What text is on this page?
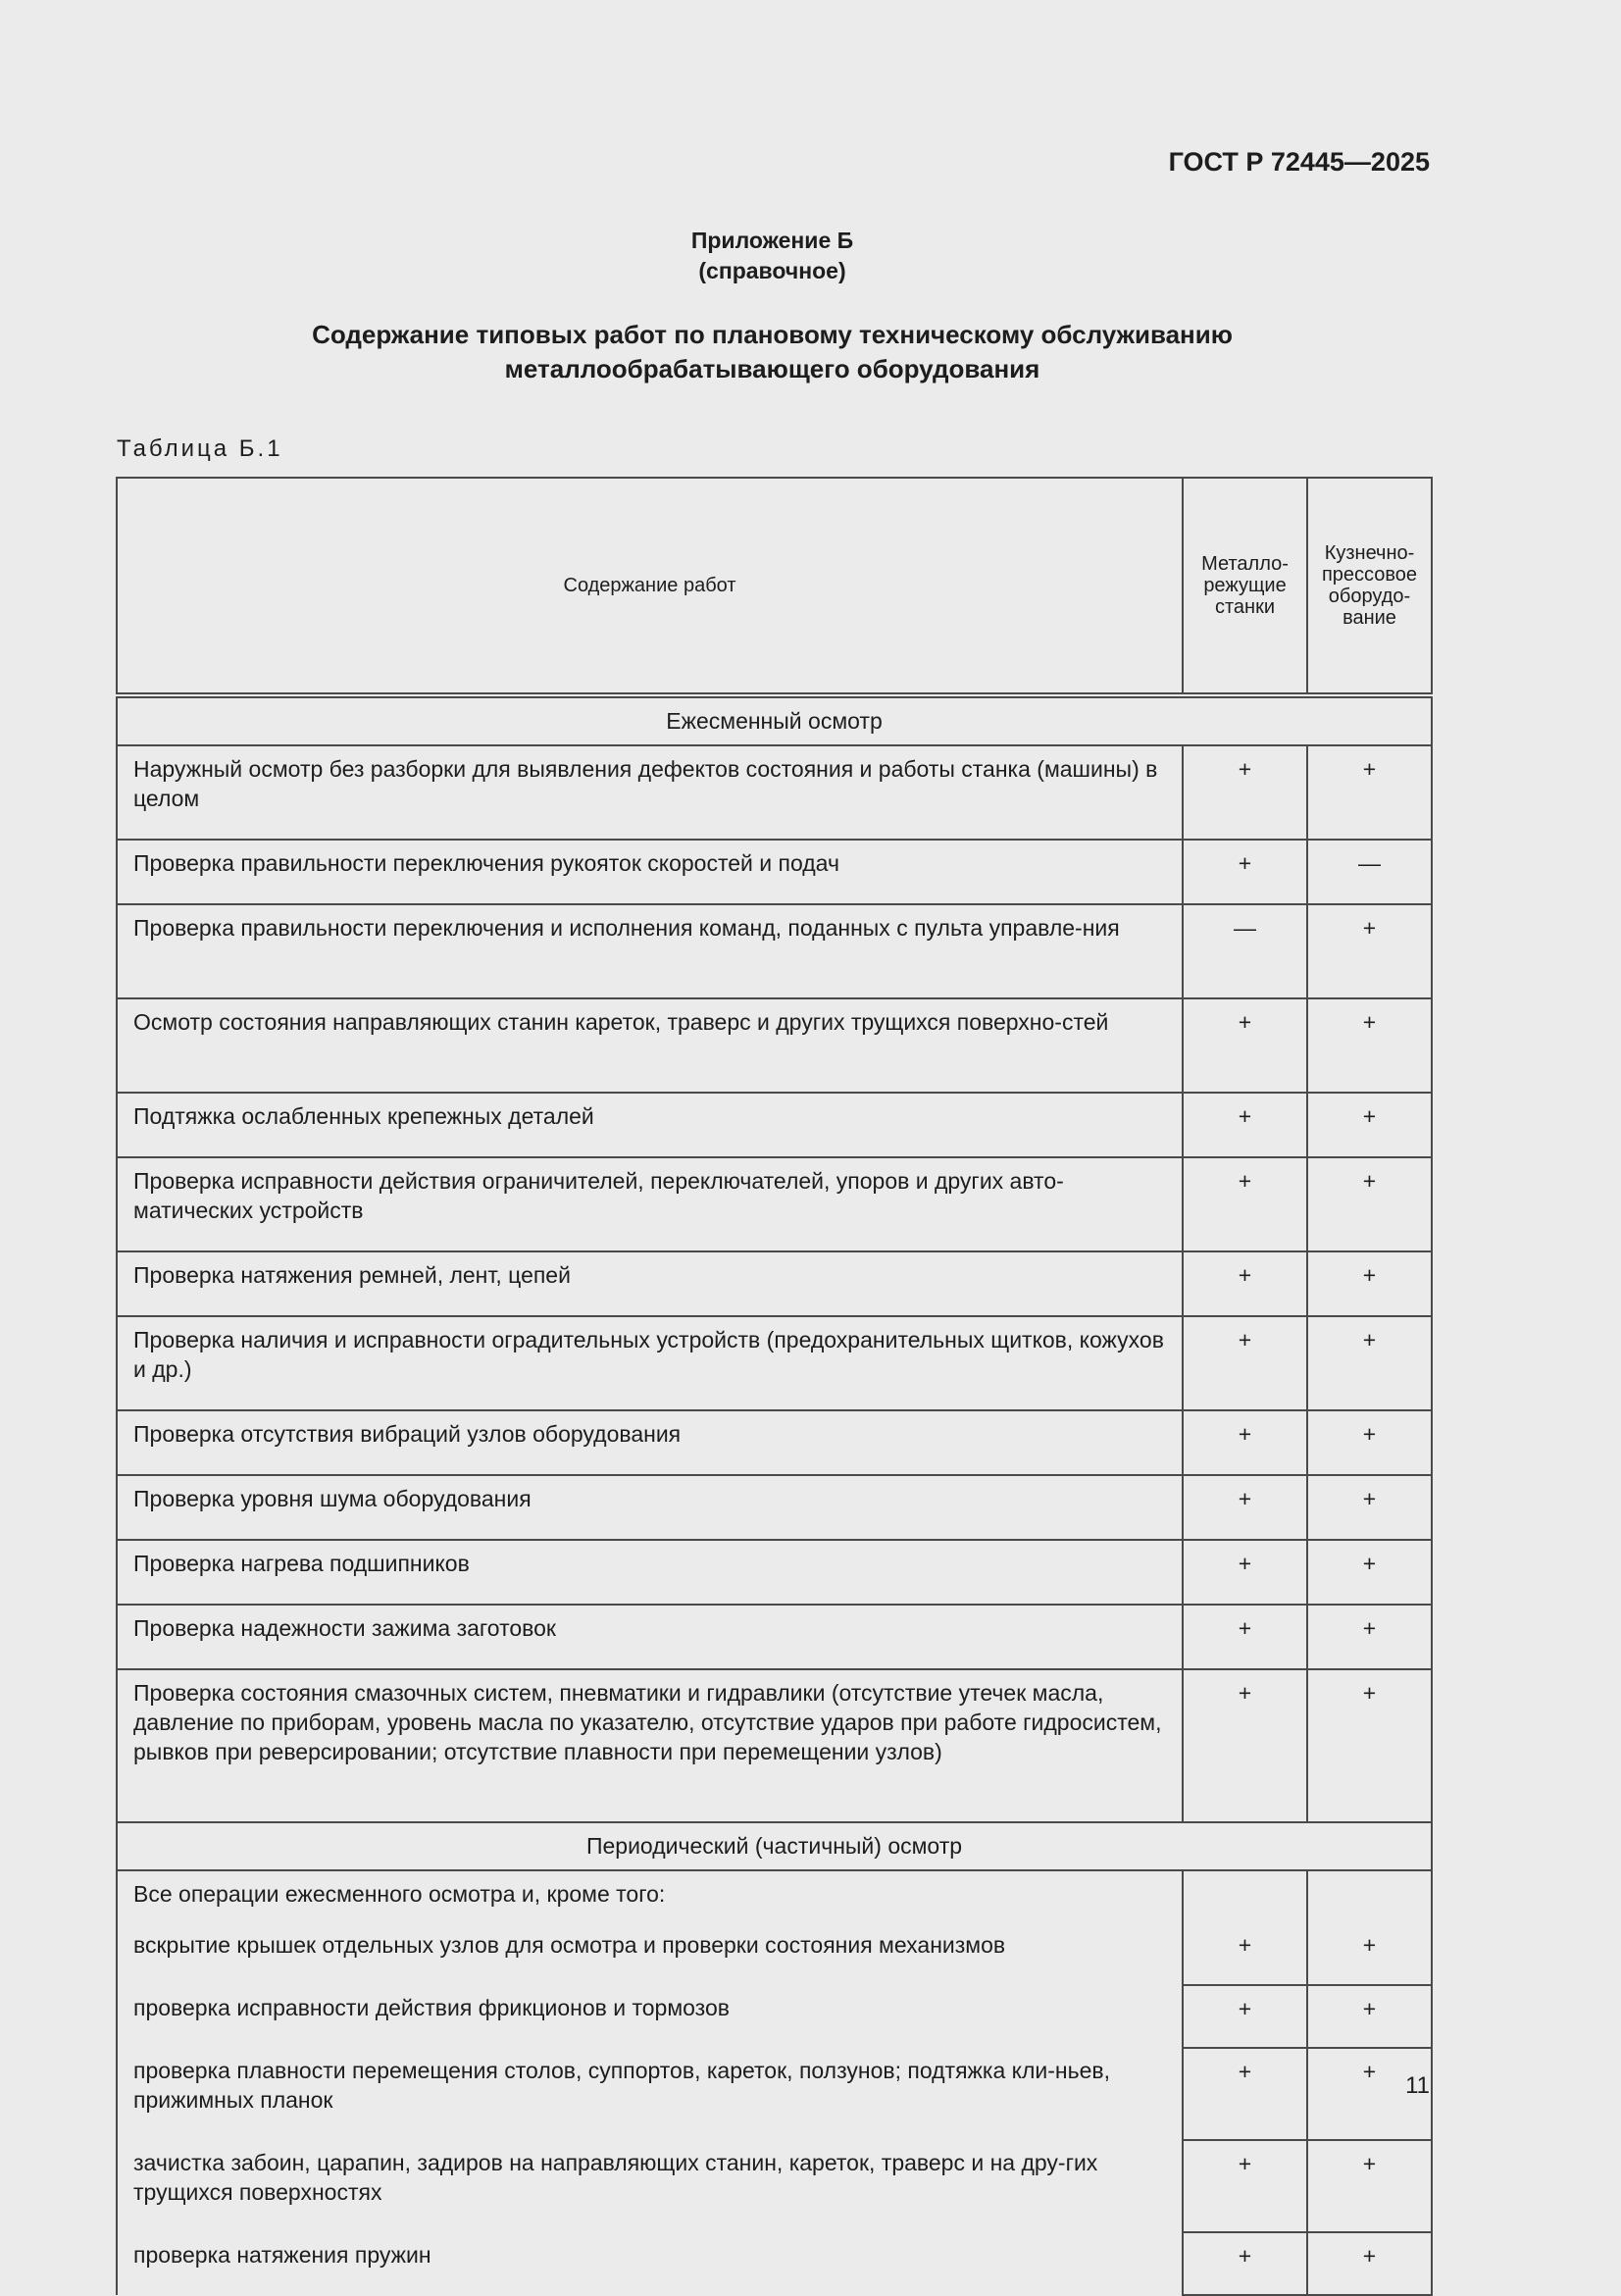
ГОСТ Р 72445—2025
Приложение Б
(справочное)
Содержание типовых работ по плановому техническому обслуживанию
металлообрабатывающего оборудования
Таблица Б.1
Содержание работ	Металло-режущие станки	Кузнечно-прессовое оборудо-вание
Ежесменный осмотр		
Наружный осмотр без разборки для выявления дефектов состояния и работы станка (машины) в целом	+	+
Проверка правильности переключения рукояток скоростей и подач	+	—
Проверка правильности переключения и исполнения команд, поданных с пульта управле-ния	—	+
Осмотр состояния направляющих станин кареток, траверс и других трущихся поверхно-стей	+	+
Подтяжка ослабленных крепежных деталей	+	+
Проверка исправности действия ограничителей, переключателей, упоров и других авто-матических устройств	+	+
Проверка натяжения ремней, лент, цепей	+	+
Проверка наличия и исправности оградительных устройств (предохранительных щитков, кожухов и др.)	+	+
Проверка отсутствия вибраций узлов оборудования	+	+
Проверка уровня шума оборудования	+	+
Проверка нагрева подшипников	+	+
Проверка надежности зажима заготовок	+	+
Проверка состояния смазочных систем, пневматики и гидравлики (отсутствие утечек масла, давление по приборам, уровень масла по указателю, отсутствие ударов при работе гидросистем, рывков при реверсировании; отсутствие плавности при перемещении узлов)	+	+
Периодический (частичный) осмотр		
Все операции ежесменного осмотра и, кроме того:		
вскрытие крышек отдельных узлов для осмотра и проверки состояния механизмов	+	+
проверка исправности действия фрикционов и тормозов	+	+
проверка плавности перемещения столов, суппортов, кареток, ползунов; подтяжка кли-ньев, прижимных планок	+	+
зачистка забоин, царапин, задиров на направляющих станин, кареток, траверс и на дру-гих трущихся поверхностях	+	+
проверка натяжения пружин	+	+
11
